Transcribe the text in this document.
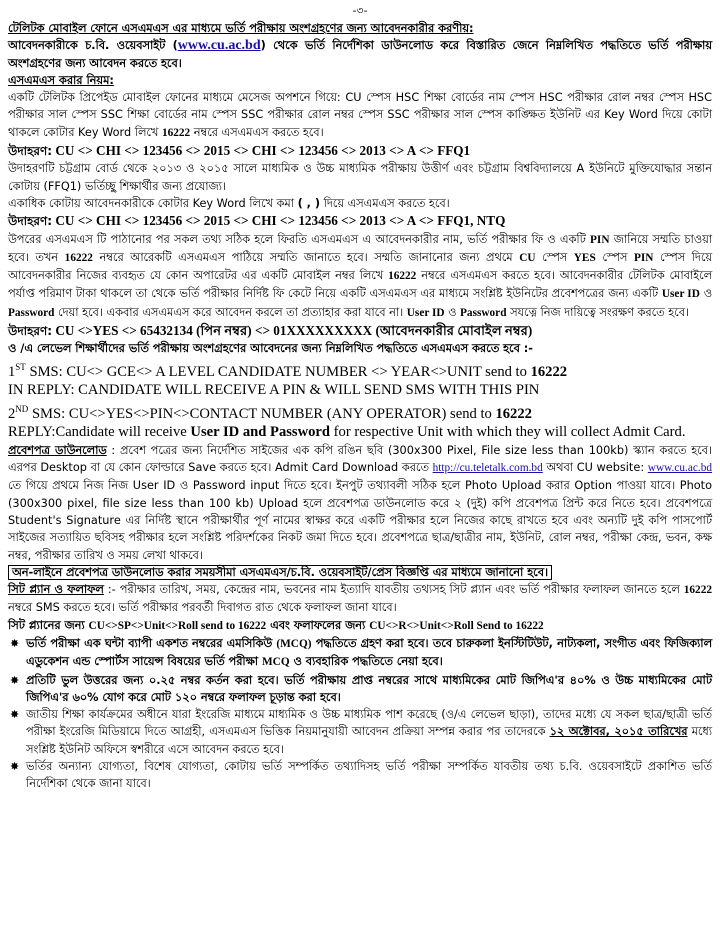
-৩-

টেলিটক মোবাইল ফোনে এসএমএস এর মাধ্যমে ভর্তি পরীক্ষায় অংশগ্রহণের জন্য আবেদনকারীর করণীয়:

আবেদনকারীকে চ.বি. ওয়েবসাইট (www.cu.ac.bd) থেকে ভর্তি নির্দেশিকা ডাউনলোড করে বিস্তারিত জেনে নিম্নলিখিত পদ্ধতিতে ভর্তি পরীক্ষায় অংশগ্রহণের জন্য আবেদন করতে হবে।

এসএমএস করার নিয়ম:

একটি টেলিটক প্রিপেইড মোবাইল ফোনের মাধ্যমে মেসেজ অপশনে গিয়ে: CU স্পেস HSC শিক্ষা বোর্ডের নাম স্পেস HSC পরীক্ষার রোল নম্বর স্পেস HSC পরীক্ষার সাল স্পেস SSC শিক্ষা বোর্ডের নাম স্পেস SSC পরীক্ষার রোল নম্বর স্পেস SSC পরীক্ষার সাল স্পেস কাঙ্ক্ষিত ইউনিট এর Key Word দিয়ে কোটা থাকলে কোটার Key Word লিখে 16222 নম্বরে এসএমএস করতে হবে।

উদাহরণ: CU <> CHI <> 123456 <> 2015 <> CHI <> 123456 <> 2013 <> A <> FFQ1

উদাহরণটি চট্টগ্রাম বোর্ড থেকে ২০১৩ ও ২০১৫ সালে মাধ্যমিক ও উচ্চ মাধ্যমিক পরীক্ষায় উত্তীর্ণ এবং চট্টগ্রাম বিশ্ববিদ্যালয়ে A ইউনিটে মুক্তিযোদ্ধার সন্তান কোটায় (FFQ1) ভর্তিচ্ছু শিক্ষার্থীর জন্য প্রযোজ্য।

একাধিক কোটায় আবেদনকারীকে কোটার Key Word লিখে কমা ( , ) দিয়ে এসএমএস করতে হবে।

উদাহরণ: CU <> CHI <> 123456 <> 2015 <> CHI <> 123456 <> 2013 <> A <> FFQ1, NTQ

উপরের এসএমএস টি পাঠানোর পর সকল তথ্য সঠিক হলে ফিরতি এসএমএস এ আবেদনকারীর নাম, ভর্তি পরীক্ষার ফি ও একটি PIN জানিয়ে সম্মতি চাওয়া হবে। তখন 16222 নম্বরে আরেকটি এসএমএস পাঠিয়ে সম্মতি জানাতে হবে। সম্মতি জানানোর জন্য প্রথমে CU স্পেস YES স্পেস PIN স্পেস দিয়ে আবেদনকারীর নিজের ব্যবহৃত যে কোন অপারেটর এর একটি মোবাইল নম্বর লিখে 16222 নম্বরে এসএমএস করতে হবে। আবেদনকারীর টেলিটক মোবাইলে পর্যাপ্ত পরিমাণ টাকা থাকলে তা থেকে ভর্তি পরীক্ষার নির্দিষ্ট ফি কেটে নিয়ে একটি এসএমএস এর মাধ্যমে সংশ্লিষ্ট ইউনিটের প্রবেশপত্রের জন্য একটি User ID ও Password দেয়া হবে। একবার এসএমএস করে আবেদন করলে তা প্রত্যাহার করা যাবে না। User ID ও Password সযত্নে নিজ দায়িত্বে সংরক্ষণ করতে হবে।

উদাহরণ: CU <>YES <> 65432134 (পিন নম্বর) <> 01XXXXXXXXX (আবেদনকারীর মোবাইল নম্বর)

ও /এ লেভেল শিক্ষার্থীদের ভর্তি পরীক্ষায় অংশগ্রহণের আবেদনের জন্য নিম্নলিখিত পদ্ধতিতে এসএমএস করতে হবে :-

1ST SMS: CU<> GCE<> A LEVEL CANDIDATE NUMBER <> YEAR<>UNIT send to 16222

IN REPLY: CANDIDATE WILL RECEIVE A PIN & WILL SEND SMS WITH THIS PIN

2ND SMS: CU<>YES<>PIN<>CONTACT NUMBER (ANY OPERATOR) send to 16222

REPLY:Candidate will receive User ID and Password for respective Unit with which they will collect Admit Card.

প্রবেশপত্র ডাউনলোড : প্রবেশ পত্রের জন্য নির্দেশিত সাইজের এক কপি রঙিন ছবি (300x300 Pixel, File size less than 100kb) স্ক্যান করতে হবে।এরপর Desktop বা যে কোন ফোল্ডারে Save করতে হবে। Admit Card Download করতে http://cu.teletalk.com.bd অথবা CU website: www.cu.ac.bd তে গিয়ে প্রথমে নিজ নিজ User ID ও Password input দিতে হবে। ইনপুট তথ্যাবলী সঠিক হলে Photo Upload করার Option পাওয়া যাবে। Photo (300x300 pixel, file size less than 100 kb) Upload হলে প্রবেশপত্র ডাউনলোড করে ২ (দুই) কপি প্রবেশপত্র প্রিন্ট করে নিতে হবে। প্রবেশপত্রে Student's Signature এর নির্দিষ্ট স্থানে পরীক্ষার্থীর পূর্ণ নামের স্বাক্ষর করে একটি পরীক্ষার হলে নিজের কাছে রাখতে হবে এবং অন্যটি দুই কপি পাসপোর্ট সাইজের সত্যায়িত ছবিসহ পরীক্ষার হলে সংশ্লিষ্ট পরিদর্শকের নিকট জমা দিতে হবে। প্রবেশপত্রে ছাত্র/ছাত্রীর নাম, ইউনিট, রোল নম্বর, পরীক্ষা কেন্দ্র, ভবন, কক্ষ নম্বর, পরীক্ষার তারিখ ও সময় লেখা থাকবে।

অন-লাইনে প্রবেশপত্র ডাউনলোড করার সময়সীমা এসএমএস/চ.বি. ওয়েবসাইট/প্রেস বিজ্ঞপ্তি এর মাধ্যমে জানানো হবে।

সিট প্ল্যান ও ফলাফল :- পরীক্ষার তারিখ, সময়, কেন্দ্রের নাম, ভবনের নাম ইত্যাদি যাবতীয় তথ্যসহ সিট প্ল্যান এবং ভর্তি পরীক্ষার ফলাফল জানতে হলে 16222 নম্বরে SMS করতে হবে। ভর্তি পরীক্ষার পরবর্তী দিবাগত রাত থেকে ফলাফল জানা যাবে।

সিট প্ল্যানের জন্য CU<>SP<>Unit<>Roll send to 16222 এবং ফলাফলের জন্য CU<>R<>Unit<>Roll Send to 16222

✸ ভর্তি পরীক্ষা এক ঘন্টা ব্যাপী একশত নম্বরের এমসিকিউ (MCQ) পদ্ধতিতে গ্রহণ করা হবে। তবে চারুকলা ইনস্টিটিউট, নাট্যকলা, সংগীত এবং ফিজিক্যাল এডুকেশন এন্ড স্পোর্টস সায়েন্স বিষয়ের ভর্তি পরীক্ষা MCQ ও ব্যবহারিক পদ্ধতিতে নেয়া হবে।

✸ প্রতিটি ভুল উত্তরের জন্য ০.২৫ নম্বর কর্তন করা হবে। ভর্তি পরীক্ষায় প্রাপ্ত নম্বরের সাথে মাধ্যমিকের মোট জিপিএ'র ৪০% ও উচ্চ মাধ্যমিকের মোট জিপিএ'র ৬০% যোগ করে মোট ১২০ নম্বরে ফলাফল চূড়ান্ত করা হবে।

✸ জাতীয় শিক্ষা কার্যক্রমের অধীনে যারা ইংরেজি মাধ্যমে মাধ্যমিক ও উচ্চ মাধ্যমিক পাশ করেছে (ও/এ লেভেল ছাড়া), তাদের মধ্যে যে সকল ছাত্র/ছাত্রী ভর্তি পরীক্ষা ইংরেজি মিডিয়ামে দিতে আগ্রহী, এসএমএস ভিত্তিক নিয়মানুযায়ী আবেদন প্রক্রিয়া সম্পন্ন করার পর তাদেরকে ১২ অক্টোবর, ২০১৫ তারিখের মধ্যে সংশ্লিষ্ট ইউনিট অফিসে স্বশরীরে এসে আবেদন করতে হবে।

✸ ভর্তির অন্যান্য যোগ্যতা, বিশেষ যোগ্যতা, কোটায় ভর্তি সম্পর্কিত তথ্যাদিসহ ভর্তি পরীক্ষা সম্পর্কিত যাবতীয় তথ্য চ.বি. ওয়েবসাইটে প্রকাশিত ভর্তি নির্দেশিকা থেকে জানা যাবে।
